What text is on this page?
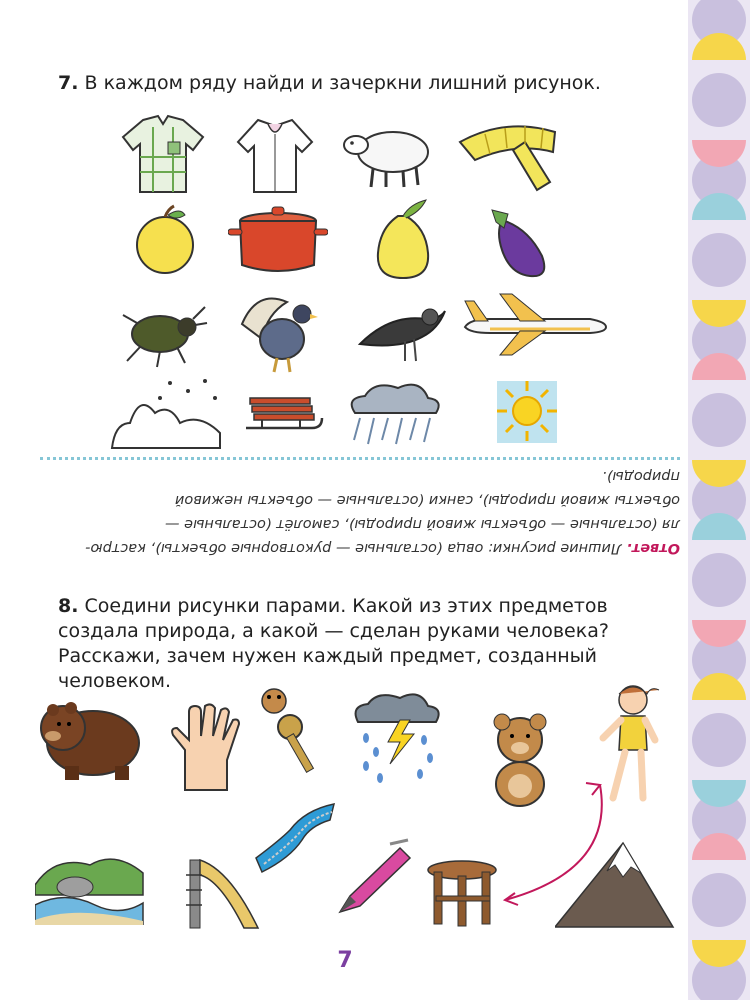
7. В каждом ряду найди и зачеркни лишний рисунок.
Ответ. Лишние рисунки: овца (остальные — рукотворные объекты), кастрю-
ля (остальные — объекты живой природы), самолёт (остальные —
объекты живой природы), санки (остальные — объекты неживой
природы).
8. Соедини рисунки парами. Какой из этих предметов создала природа, а какой — сделан руками человека? Расскажи, зачем нужен каждый предмет, созданный человеком.
7
